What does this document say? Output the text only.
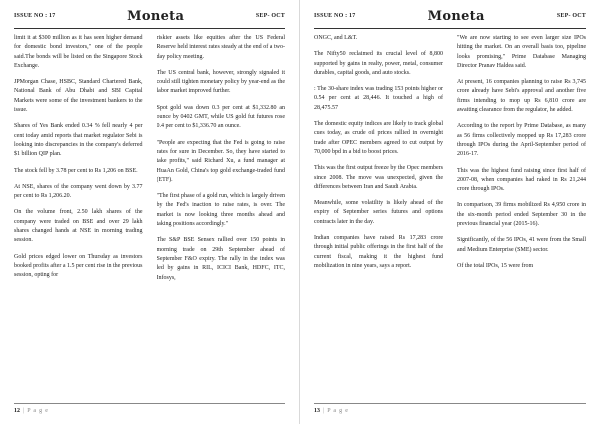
ISSUE NO : 17	Moneta	SEP- OCT

limit it at $300 million as it has seen higher demand for domestic bond investors," one of the people said.The bonds will be listed on the Singapore Stock Exchange.

JPMorgan Chase, HSBC, Standard Chartered Bank, National Bank of Abu Dhabi and SBI Capital Markets were some of the investment bankers to the issue.

Shares of Yes Bank ended 0.34 % fell nearly 4 per cent today amid reports that market regulator Sebi is looking into discrepancies in the company's deferred $1 billion QIP plan.

The stock fell by 3.78 per cent to Rs 1,206 on BSE.

At NSE, shares of the company went down by 3.77 per cent to Rs 1,206.20.

On the volume front, 2.50 lakh shares of the company were traded on BSE and over 29 lakh shares changed hands at NSE in morning trading session.

Gold prices edged lower on Thursday as investors booked profits after a 1.5 per cent rise in the previous session, opting for

riskier assets like equities after the US Federal Reserve held interest rates steady at the end of a two-day policy meeting.

The US central bank, however, strongly signaled it could still tighten monetary policy by year-end as the labor market improved further.

Spot gold was down 0.3 per cent at $1,332.80 an ounce by 0402 GMT, while US gold fut futures rose 0.4 per cent to $1,336.70 an ounce.

"People are expecting that the Fed is going to raise rates for sure in December. So, they have started to take profits," said Richard Xu, a fund manager at HuaAn Gold, China's top gold exchange-traded fund (ETF).

"The first phase of a gold run, which is largely driven by the Fed's inaction to raise rates, is over. The market is now looking three months ahead and taking positions accordingly."

The S&P BSE Sensex rallied over 150 points in morning trade on 29th September ahead of September F&O expiry. The rally in the index was led by gains in RIL, ICICI Bank, HDFC, ITC, Infosys,

12 | P a g e
ISSUE NO : 17	Moneta	SEP- OCT

ONGC, and L&T.

The Nifty50 reclaimed its crucial level of 8,800 supported by gains in realty, power, metal, consumer durables, capital goods, and auto stocks.

: The 30-share index was trading 153 points higher or 0.54 per cent at 28,446. It touched a high of 28,475.57

The domestic equity indices are likely to track global cues today, as crude oil prices rallied in overnight trade after OPEC members agreed to cut output by 70,000 bpd in a bid to boost prices.

This was the first output freeze by the Opec members since 2008. The move was unexpected, given the differences between Iran and Saudi Arabia.

Meanwhile, some volatility is likely ahead of the expiry of September series futures and options contracts later in the day.

Indian companies have raised Rs 17,283 crore through initial public offerings in the first half of the current fiscal, making it the highest fund mobilization in nine years, says a report.

"We are now starting to see even larger size IPOs hitting the market. On an overall basis too, pipeline looks promising," Prime Database Managing Director Pranav Haldea said.

At present, 16 companies planning to raise Rs 3,745 crore already have Sebi's approval and another five firms intending to mop up Rs 6,810 crore are awaiting clearance from the regulator, he added.

According to the report by Prime Database, as many as 56 firms collectively mopped up Rs 17,283 crore through IPOs during the April-September period of 2016-17.

This was the highest fund raising since first half of 2007-08, when companies had raked in Rs 21,244 crore through IPOs.

In comparison, 39 firms mobilized Rs 4,950 crore in the six-month period ended September 30 in the previous financial year (2015-16).

Significantly, of the 56 IPOs, 41 were from the Small and Medium Enterprise (SME) sector.

Of the total IPOs, 15 were from

13 | P a g e
